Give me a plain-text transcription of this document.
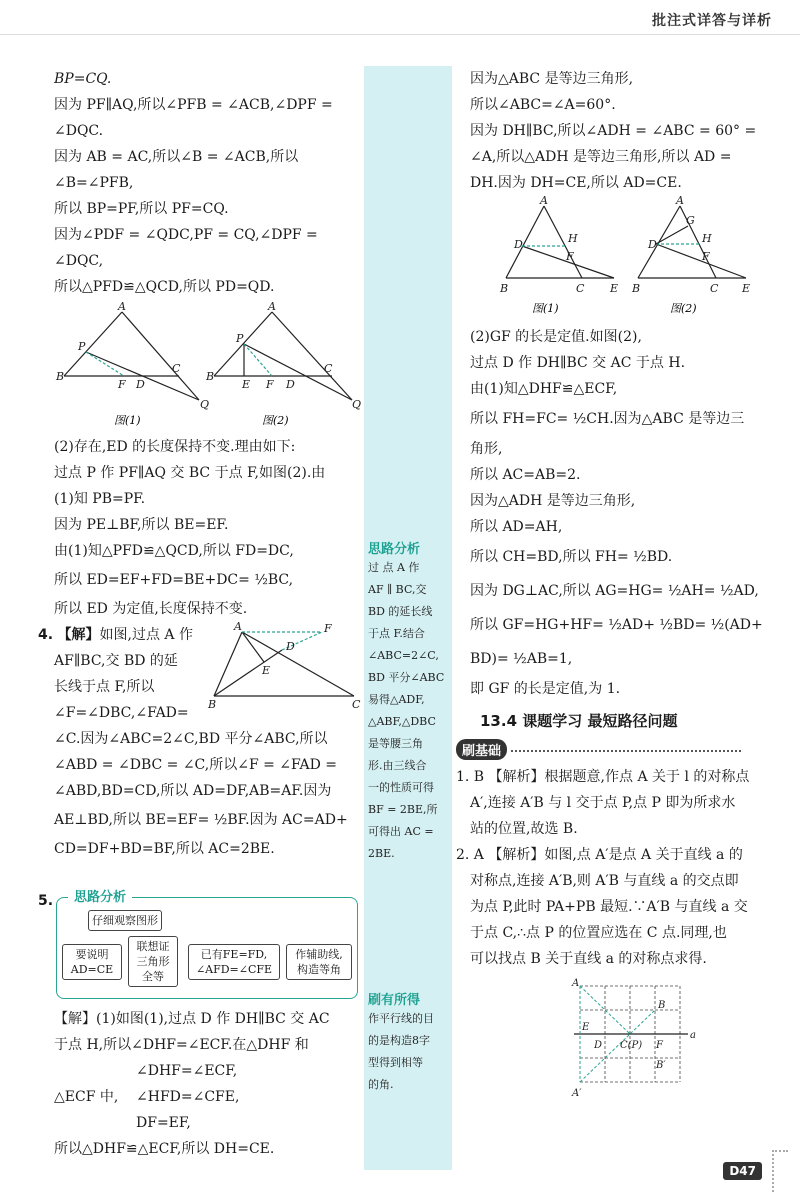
批注式详答与详析
BP=CQ.
因为 PF∥AQ,所以∠PFB = ∠ACB,∠DPF =
∠DQC.
因为 AB = AC,所以∠B = ∠ACB,所以
∠B=∠PFB,
所以 BP=PF,所以 PF=CQ.
因为∠PDF = ∠QDC,PF = CQ,∠DPF =
∠DQC,
所以△PFD≌△QCD,所以 PD=QD.
A
B
P
F D
C
Q
A
B
P
E F D
C
Q
图(1)	图(2)
(2)存在,ED 的长度保持不变.理由如下:
过点 P 作 PF∥AQ 交 BC 于点 F,如图(2).由
(1)知 PB=PF.
因为 PE⊥BF,所以 BE=EF.
由(1)知△PFD≌△QCD,所以 FD=DC,
所以 ED=EF+FD=BE+DC= ½BC,
所以 ED 为定值,长度保持不变.
4. 【解】如图,过点 A 作
AF∥BC,交 BD 的延
长线于点 F,所以
∠F=∠DBC,∠FAD=
A
D
F
E
B	C
∠C.因为∠ABC=2∠C,BD 平分∠ABC,所以
∠ABD = ∠DBC = ∠C,所以∠F = ∠FAD =
∠ABD,BD=CD,所以 AD=DF,AB=AF.因为
AE⊥BD,所以 BE=EF= ½BF.因为 AC=AD+
CD=DF+BD=BF,所以 AC=2BE.
5.	思路分析
仔细观察图形
要说明 AD=CE
联想证 三角形 全等
已有FE=FD, ∠AFD=∠CFE
作辅助线, 构造等角
【解】(1)如图(1),过点 D 作 DH∥BC 交 AC
于点 H,所以∠DHF=∠ECF.在△DHF 和
∠DHF=∠ECF,
△ECF 中,	∠HFD=∠CFE,
DF=EF,
所以△DHF≌△ECF,所以 DH=CE.
思路分析
过 点 A 作
AF ∥ BC,交
BD 的延长线
于点 F.结合
∠ABC=2∠C,
BD 平分∠ABC
易得△ADF,
△ABF,△DBC
是等腰三角
形.由三线合
一的性质可得
BF = 2BE,所
可得出 AC =
2BE.
刷有所得
作平行线的目
的是构造8字
型得到相等
的角.
因为△ABC 是等边三角形,
所以∠ABC=∠A=60°.
因为 DH∥BC,所以∠ADH = ∠ABC = 60° =
∠A,所以△ADH 是等边三角形,所以 AD =
DH.因为 DH=CE,所以 AD=CE.
A
D	H
F
B	C E
A
G
D	H
F
B	C E
图(1)	图(2)
(2)GF 的长是定值.如图(2),
过点 D 作 DH∥BC 交 AC 于点 H.
由(1)知△DHF≌△ECF,
所以 FH=FC= ½CH.因为△ABC 是等边三
角形,
所以 AC=AB=2.
因为△ADH 是等边三角形,
所以 AD=AH,
所以 CH=BD,所以 FH= ½BD.
因为 DG⊥AC,所以 AG=HG= ½AH= ½AD,
所以 GF=HG+HF= ½AD+ ½BD= ½(AD+
BD)= ½AB=1,
即 GF 的长是定值,为 1.
13.4 课题学习 最短路径问题
刷基础
1. B 【解析】根据题意,作点 A 关于 l 的对称点
A′,连接 A′B 与 l 交于点 P,点 P 即为所求水
站的位置,故选 B.
2. A 【解析】如图,点 A′是点 A 关于直线 a 的
对称点,连接 A′B,则 A′B 与直线 a 的交点即
为点 P,此时 PA+PB 最短.∵A′B 与直线 a 交
于点 C,∴点 P 的位置应选在 C 点.同理,也
可以找点 B 关于直线 a 的对称点求得.
A
B
a
E
D C(P) F
B′
A′
D47
